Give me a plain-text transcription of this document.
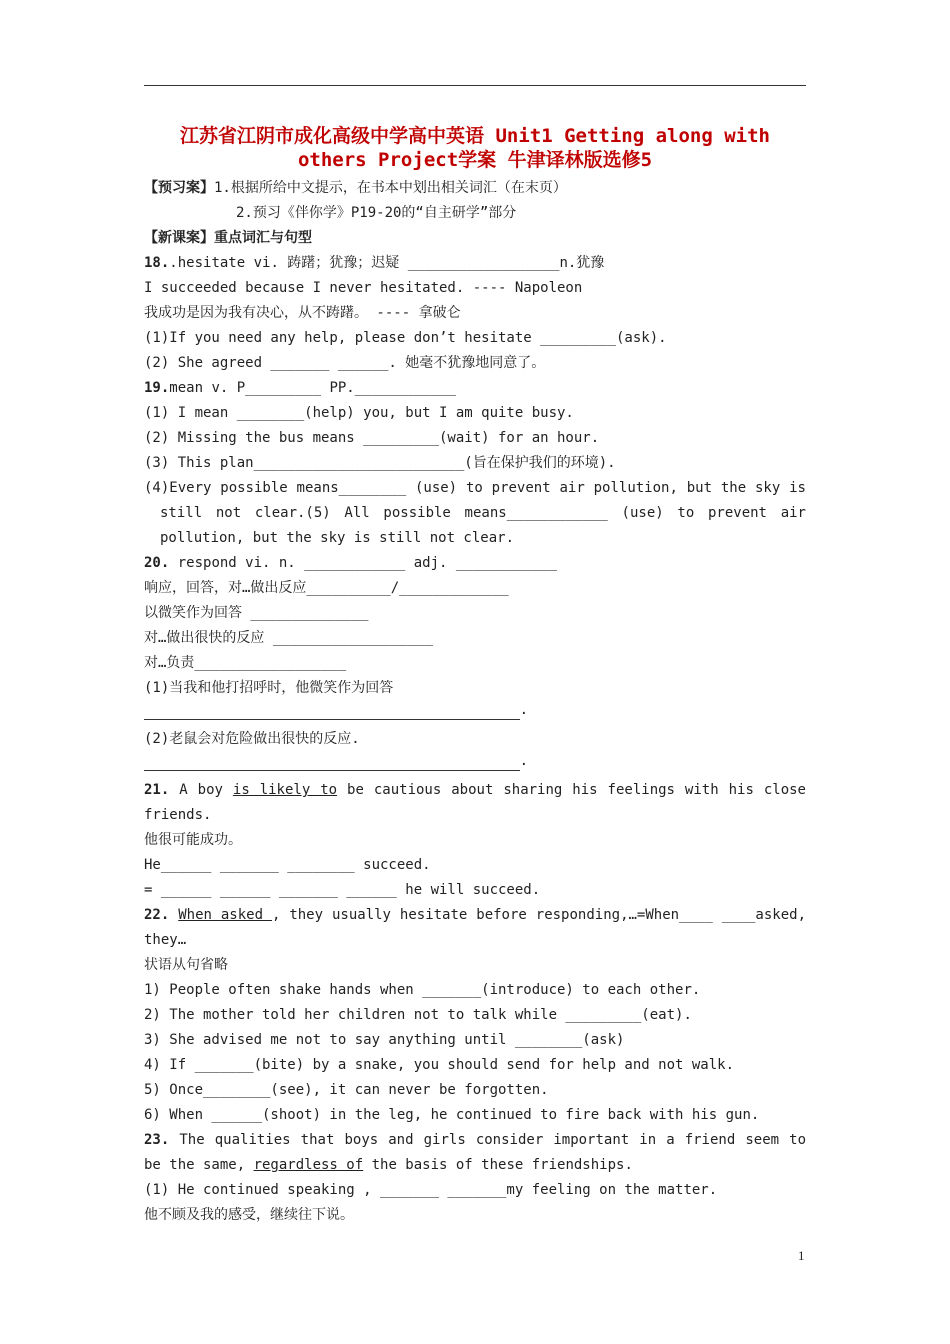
江苏省江阴市成化高级中学高中英语 Unit1 Getting along with
others Project学案 牛津译林版选修5
【预习案】1.根据所给中文提示，在书本中划出相关词汇（在末页）
2.预习《伴你学》P19-20的“自主研学”部分
【新课案】重点词汇与句型
18..hesitate vi. 踌躇；犹豫；迟疑 __________________n.犹豫
I succeeded because I never hesitated. ---- Napoleon
我成功是因为我有决心，从不踌躇。 ---- 拿破仑
(1)If you need any help, please don’t hesitate _________(ask).
(2) She agreed _______ ______. 她毫不犹豫地同意了。
19.mean v. P_________ PP.____________
(1) I mean ________(help) you, but I am quite busy.
(2) Missing the bus means _________(wait) for an hour.
(3) This plan_________________________(旨在保护我们的环境).
(4)Every possible means________ (use) to prevent air pollution, but the sky is still not clear.(5) All possible means____________ (use) to prevent air pollution, but the sky is still not clear.
20. respond vi. n. ____________ adj. ____________
响应，回答，对…做出反应__________/_____________
以微笑作为回答 ______________
对…做出很快的反应 ___________________
对…负责__________________
(1)当我和他打招呼时，他微笑作为回答
.
(2)老鼠会对危险做出很快的反应.
.
21. A boy is likely to be cautious about sharing his feelings with his close friends.
他很可能成功。
He______ _______ ________ succeed.
= ______ ______ _______ ______ he will succeed.
22. When asked , they usually hesitate before responding,…=When____ ____asked, they…
状语从句省略
1) People often shake hands when _______(introduce) to each other.
2) The mother told her children not to talk while _________(eat).
3) She advised me not to say anything until ________(ask)
4) If _______(bite) by a snake, you should send for help and not walk.
5) Once________(see), it can never be forgotten.
6) When ______(shoot) in the leg, he continued to fire back with his gun.
23. The qualities that boys and girls consider important in a friend seem to be the same, regardless of the basis of these friendships.
(1) He continued speaking , _______ _______my feeling on the matter.
他不顾及我的感受，继续往下说。
1
